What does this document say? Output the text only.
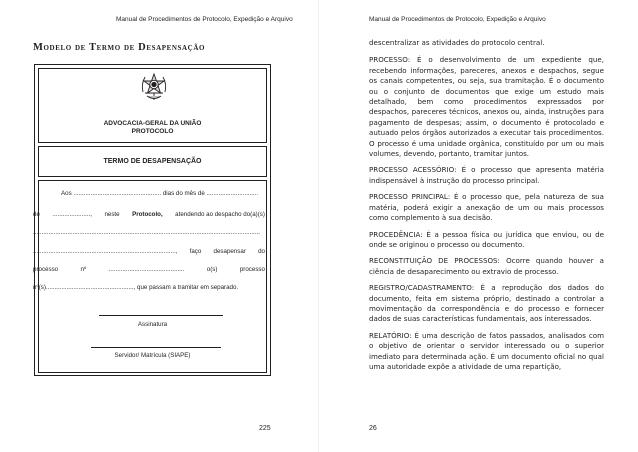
Manual de Procedimentos de Protocolo, Expedição e Arquivo
Modelo de Termo de Desapensação
ADVOCACIA-GERAL DA UNIÃO
PROTOCOLO
TERMO DE DESAPENSAÇÃO
Aos ................................................... dias do mês de ..............................
de ......................, neste Protocolo, atendendo ao despacho do(a)(s)
....................................................................................................................................
..................................................................................., faço desapensar do
processo	nº	............................................	o(s)	processo
nº(s)..................................................., que passam a tramitar em separado.
Assinatura
Servidor/ Matrícula (SIAPE)
225
Manual de Procedimentos de Protocolo, Expedição e Arquivo

descentralizar as atividades do protocolo central.

PROCESSO: É o desenvolvimento de um expediente que, recebendo informações, pareceres, anexos e despachos, segue os canais competentes, ou seja, sua tramitação. É o documento ou o conjunto de documentos que exige um estudo mais detalhado, bem como procedimentos expressados por despachos, pareceres técnicos, anexos ou, ainda, instruções para pagamento de despesas; assim, o documento é protocolado e autuado pelos órgãos autorizados a executar tais procedimentos. O processo é uma unidade orgânica, constituído por um ou mais volumes, devendo, portanto, tramitar juntos.

PROCESSO ACESSÓRIO: É o processo que apresenta matéria indispensável à instrução do processo principal.

PROCESSO PRINCIPAL: É o processo que, pela natureza de sua matéria, poderá exigir a anexação de um ou mais processos como complemento à sua decisão.

PROCEDÊNCIA: É a pessoa física ou jurídica que enviou, ou de onde se originou o processo ou documento.

RECONSTITUIÇÃO DE PROCESSOS: Ocorre quando houver a ciência de desaparecimento ou extravio de processo.

REGISTRO/CADASTRAMENTO: É a reprodução dos dados do documento, feita em sistema próprio, destinado a controlar a movimentação da correspondência e do processo e fornecer dados de suas características fundamentais, aos interessados.

RELATÓRIO: É uma descrição de fatos passados, analisados com o objetivo de orientar o servidor interessado ou o superior imediato para determinada ação. É um documento oficial no qual uma autoridade expõe a atividade de uma repartição,

26
